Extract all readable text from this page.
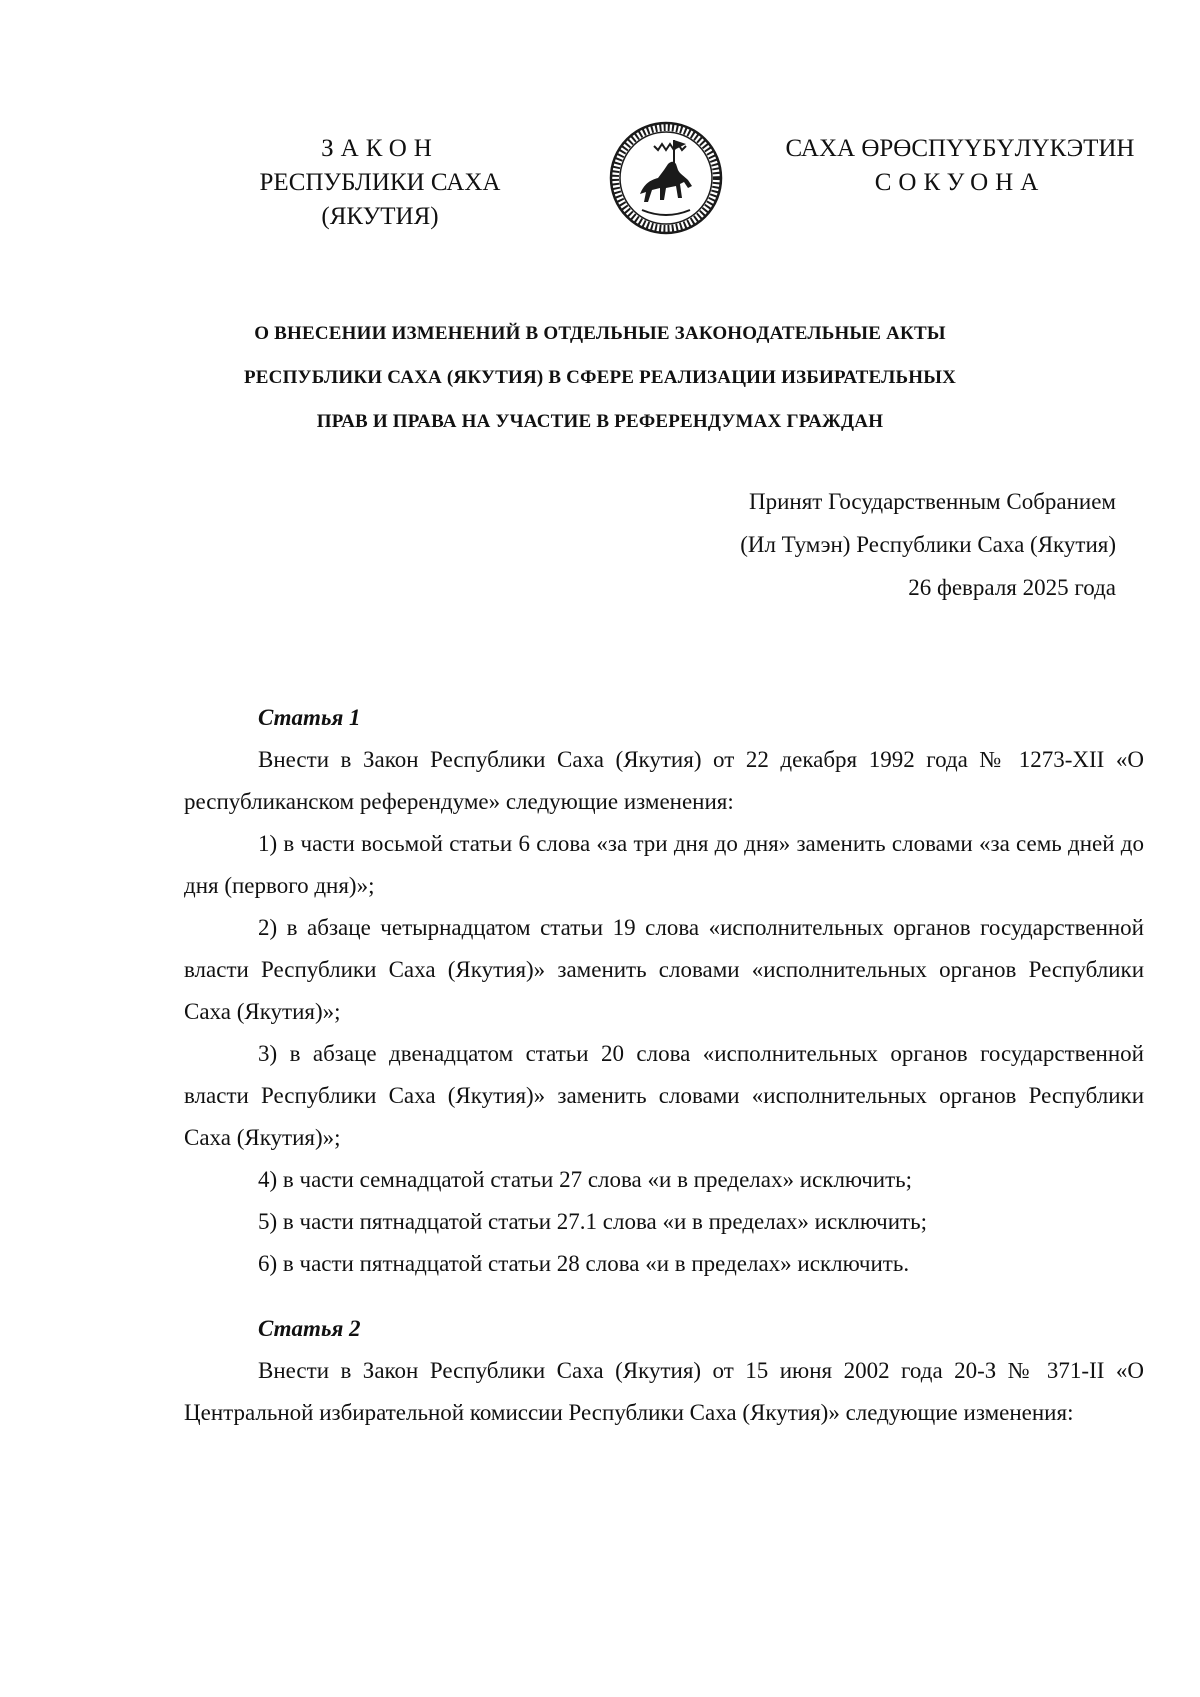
ЗАКОН
РЕСПУБЛИКИ САХА (ЯКУТИЯ)
САХА ӨРӨСПҮҮБҮЛҮКЭТИН
СОКУОНА
О ВНЕСЕНИИ ИЗМЕНЕНИЙ В ОТДЕЛЬНЫЕ ЗАКОНОДАТЕЛЬНЫЕ АКТЫ
РЕСПУБЛИКИ САХА (ЯКУТИЯ) В СФЕРЕ РЕАЛИЗАЦИИ ИЗБИРАТЕЛЬНЫХ
ПРАВ И ПРАВА НА УЧАСТИЕ В РЕФЕРЕНДУМАХ ГРАЖДАН
Принят Государственным Собранием
(Ил Тумэн) Республики Саха (Якутия)
26 февраля 2025 года
Статья 1

Внести в Закон Республики Саха (Якутия) от 22 декабря 1992 года № 1273-XII «О республиканском референдуме» следующие изменения:

1) в части восьмой статьи 6 слова «за три дня до дня» заменить словами «за семь дней до дня (первого дня)»;

2) в абзаце четырнадцатом статьи 19 слова «исполнительных органов государственной власти Республики Саха (Якутия)» заменить словами «исполнительных органов Республики Саха (Якутия)»;

3) в абзаце двенадцатом статьи 20 слова «исполнительных органов государственной власти Республики Саха (Якутия)» заменить словами «исполнительных органов Республики Саха (Якутия)»;

4) в части семнадцатой статьи 27 слова «и в пределах» исключить;

5) в части пятнадцатой статьи 27.1 слова «и в пределах» исключить;

6) в части пятнадцатой статьи 28 слова «и в пределах» исключить.

Статья 2

Внести в Закон Республики Саха (Якутия) от 15 июня 2002 года 20-З № 371-II «О Центральной избирательной комиссии Республики Саха (Якутия)» следующие изменения:
